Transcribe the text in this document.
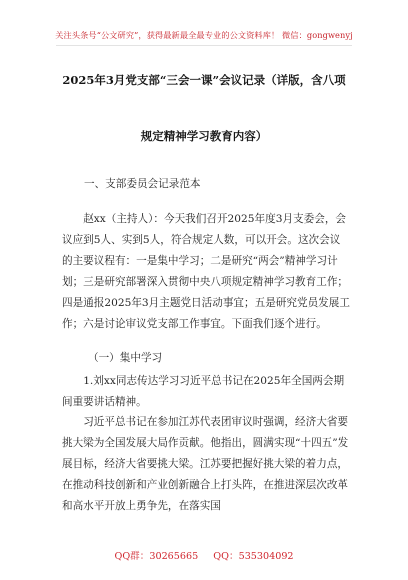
关注头条号“公文研究”，获得最新最全最专业的公文资料库！ 微信：gongwenyj
2025年3月党支部“三会一课”会议记录（详版，含八项
规定精神学习教育内容）
一、支部委员会记录范本
赵xx（主持人）：今天我们召开2025年度3月支委会，会议应到5人、实到5人，符合规定人数，可以开会。这次会议的主要议程有：一是集中学习；二是研究“两会”精神学习计划；三是研究部署深入贯彻中央八项规定精神学习教育工作；四是通报2025年3月主题党日活动事宜；五是研究党员发展工作；六是讨论审议党支部工作事宜。下面我们逐个进行。
（一）集中学习
1.刘xx同志传达学习习近平总书记在2025年全国两会期间重要讲话精神。
习近平总书记在参加江苏代表团审议时强调，经济大省要挑大梁为全国发展大局作贡献。他指出，圆满实现“十四五”发展目标，经济大省要挑大梁。江苏要把握好挑大梁的着力点，在推动科技创新和产业创新融合上打头阵，在推进深层次改革和高水平开放上勇争先，在落实国
QQ群：30265665 QQ：535304092
